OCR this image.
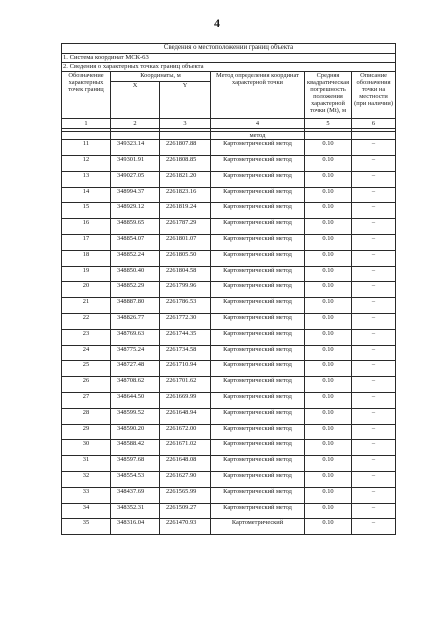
4
Сведения о местоположении границ объекта					
1. Система координат МСК-63					
2. Сведения о характерных точках границ объекта					
Обозначение характерных точек границ	Координаты, м		Метод определения координат характерной точки	Средняя квадратическая погрешность положения характерной точки (Mt), м	Описание обозначения точки на местности (при наличии)
	X	Y			
1	2	3	4	5	6

			метод		
11	349323.14	2261807.88	Картометрический метод	0.10	–
12	349301.91	2261808.85	Картометрический метод	0.10	–
13	349027.05	2261821.20	Картометрический метод	0.10	–
14	348994.37	2261823.16	Картометрический метод	0.10	–
15	348929.12	2261819.24	Картометрический метод	0.10	–
16	348859.65	2261787.29	Картометрический метод	0.10	–
17	348854.07	2261801.07	Картометрический метод	0.10	–
18	348852.24	2261805.50	Картометрический метод	0.10	–
19	348850.40	2261804.58	Картометрический метод	0.10	–
20	348852.29	2261799.96	Картометрический метод	0.10	–
21	348887.80	2261786.53	Картометрический метод	0.10	–
22	348826.77	2261772.30	Картометрический метод	0.10	–
23	348769.63	2261744.35	Картометрический метод	0.10	–
24	348775.24	2261734.58	Картометрический метод	0.10	–
25	348727.48	2261710.94	Картометрический метод	0.10	–
26	348708.62	2261701.62	Картометрический метод	0.10	–
27	348644.50	2261669.99	Картометрический метод	0.10	–
28	348599.52	2261648.94	Картометрический метод	0.10	–
29	348590.20	2261672.00	Картометрический метод	0.10	–
30	348588.42	2261671.02	Картометрический метод	0.10	–
31	348597.68	2261648.08	Картометрический метод	0.10	–
32	348554.53	2261627.90	Картометрический метод	0.10	–
33	348437.69	2261565.99	Картометрический метод	0.10	–
34	348352.31	2261509.27	Картометрический метод	0.10	–
35	348316.04	2261470.93	Картометрический	0.10	–
